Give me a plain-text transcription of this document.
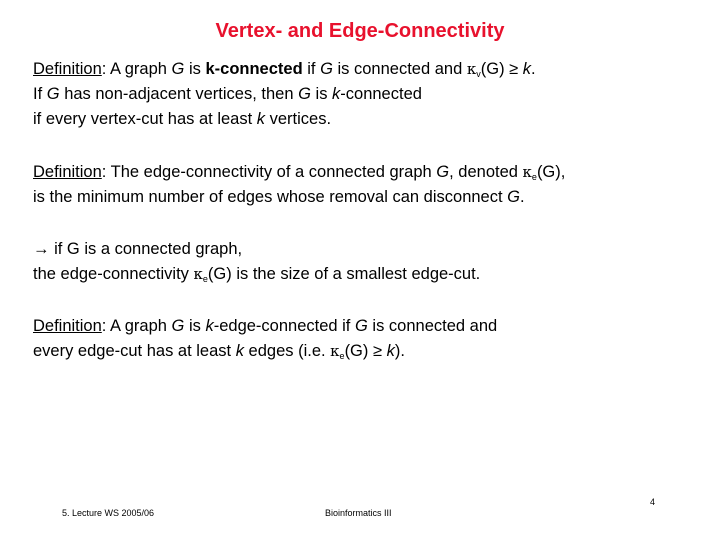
Vertex- and Edge-Connectivity
Definition: A graph G is k-connected if G is connected and $\kappa_v(G) \ge k$.
If G has non-adjacent vertices, then G is k-connected
if every vertex-cut has at least k vertices.
Definition: The edge-connectivity of a connected graph G, denoted $\kappa_e(G)$,
is the minimum number of edges whose removal can disconnect G.
→ if G is a connected graph,
the edge-connectivity $\kappa_e(G)$ is the size of a smallest edge-cut.
Definition: A graph G is k-edge-connected if G is connected and
every edge-cut has at least k edges (i.e. $\kappa_e(G) \ge k$).
5. Lecture WS 2005/06	Bioinformatics III
4
